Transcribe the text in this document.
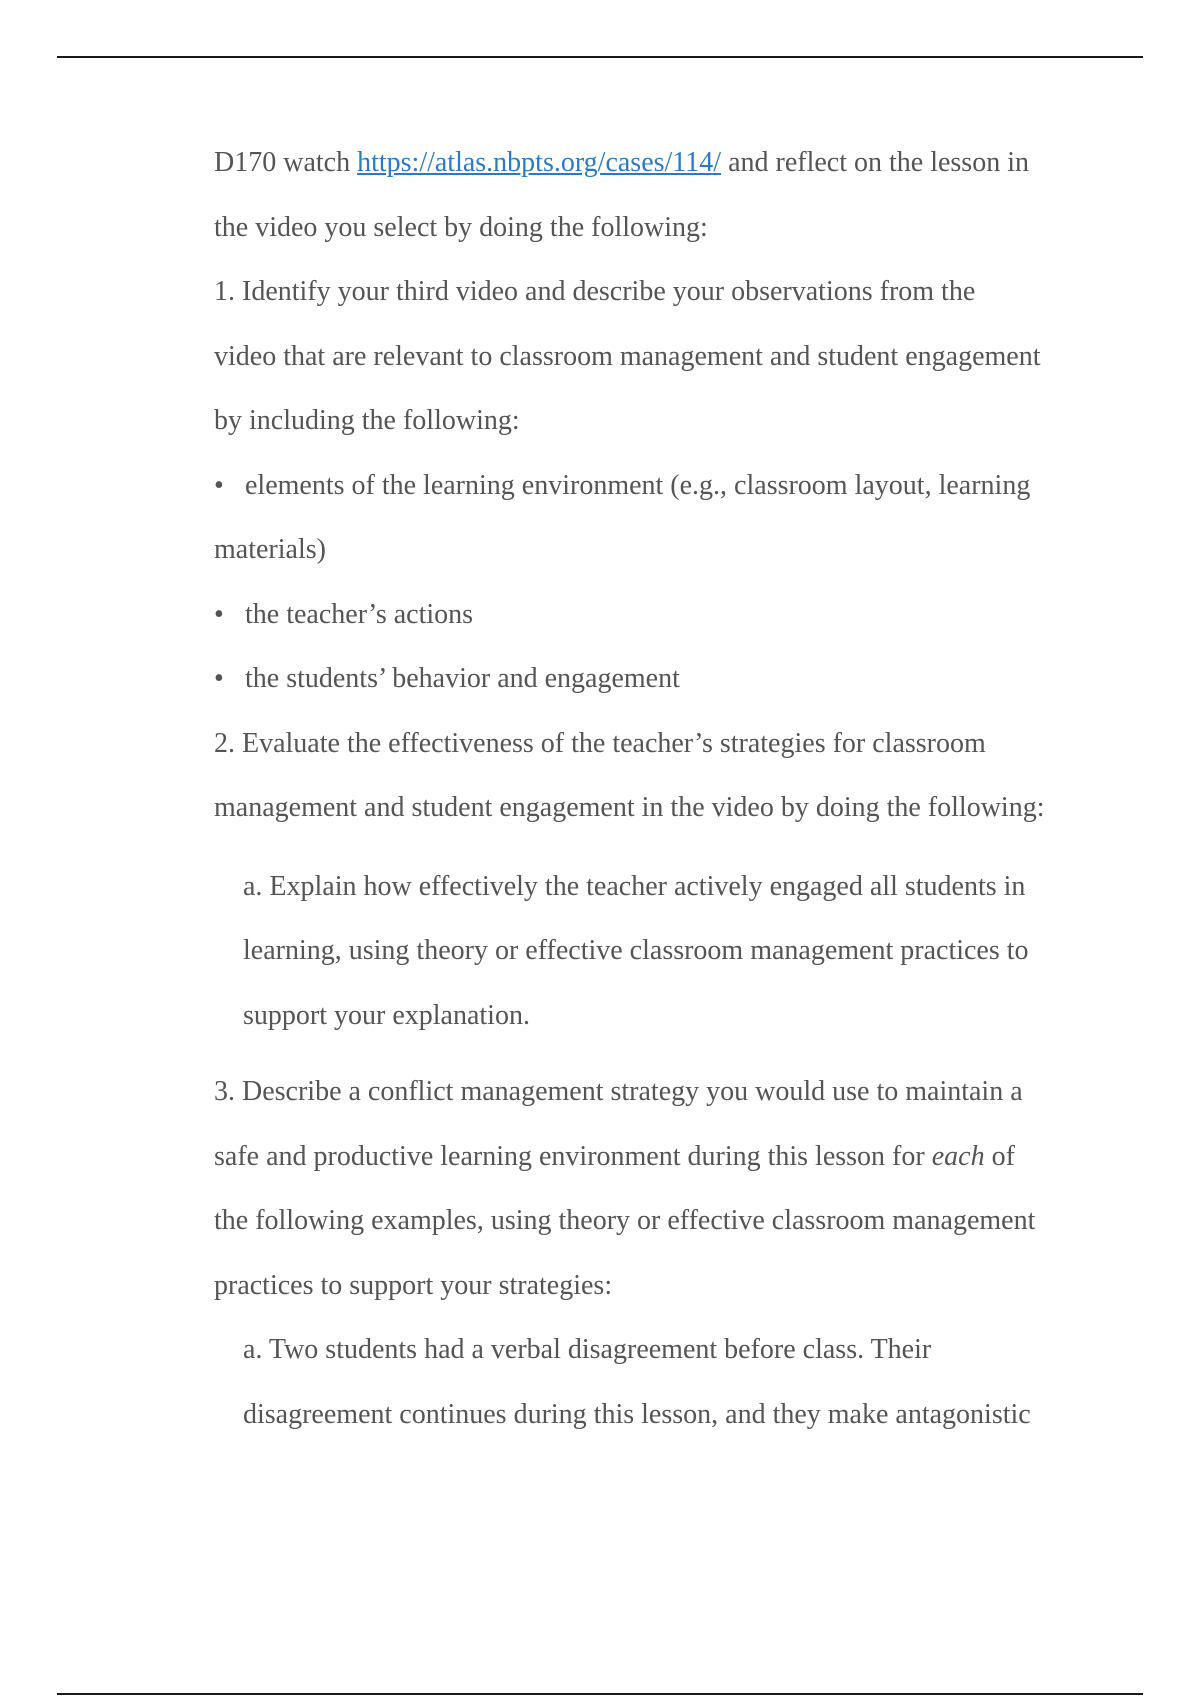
D170 watch https://atlas.nbpts.org/cases/114/ and reflect on the lesson in

the video you select by doing the following:

1. Identify your third video and describe your observations from the

video that are relevant to classroom management and student engagement

by including the following:

• elements of the learning environment (e.g., classroom layout, learning

materials)

• the teacher’s actions

• the students’ behavior and engagement

2. Evaluate the effectiveness of the teacher’s strategies for classroom

management and student engagement in the video by doing the following:

a. Explain how effectively the teacher actively engaged all students in

learning, using theory or effective classroom management practices to

support your explanation.

3. Describe a conflict management strategy you would use to maintain a

safe and productive learning environment during this lesson for each of

the following examples, using theory or effective classroom management

practices to support your strategies:

a. Two students had a verbal disagreement before class. Their

disagreement continues during this lesson, and they make antagonistic
